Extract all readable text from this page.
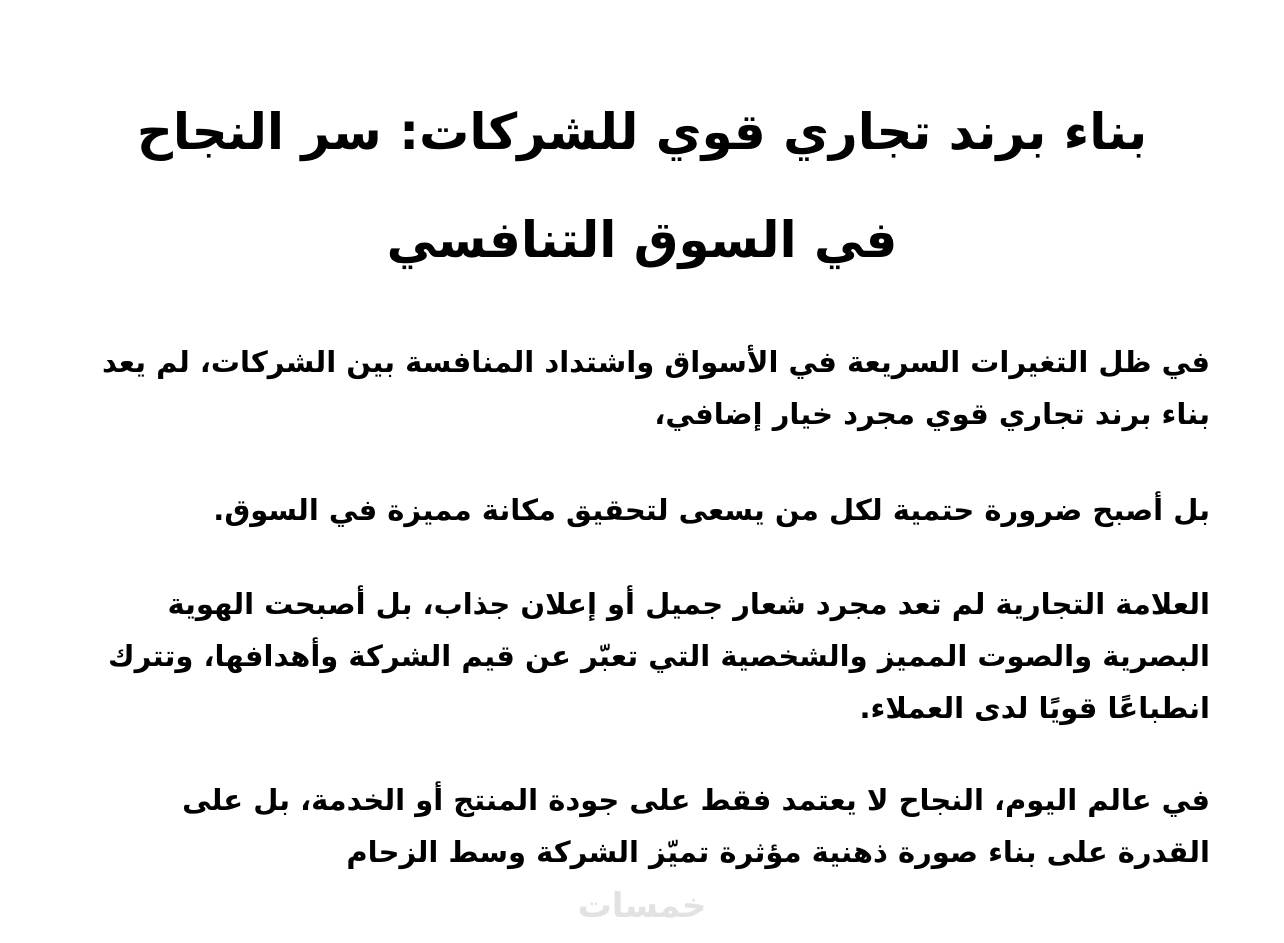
بناء برند تجاري قوي للشركات: سر النجاح في السوق التنافسي

في ظل التغيرات السريعة في الأسواق واشتداد المنافسة بين الشركات، لم يعد بناء برند تجاري قوي مجرد خيار إضافي،

بل أصبح ضرورة حتمية لكل من يسعى لتحقيق مكانة مميزة في السوق.

العلامة التجارية لم تعد مجرد شعار جميل أو إعلان جذاب، بل أصبحت الهوية البصرية والصوت المميز والشخصية التي تعبّر عن قيم الشركة وأهدافها، وتترك انطباعًا قويًا لدى العملاء.

في عالم اليوم، النجاح لا يعتمد فقط على جودة المنتج أو الخدمة، بل على القدرة على بناء صورة ذهنية مؤثرة تميّز الشركة وسط الزحام

خمسات
